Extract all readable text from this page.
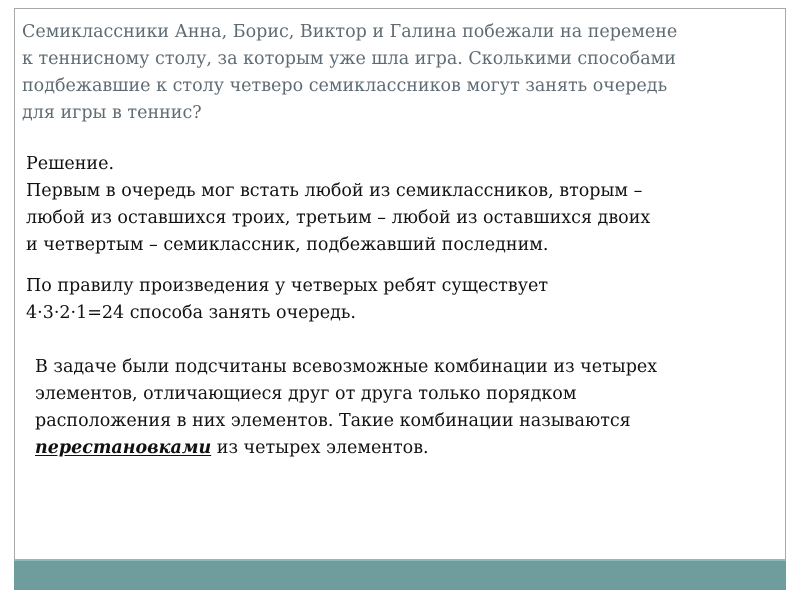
Семиклассники Анна, Борис, Виктор и Галина побежали на перемене
к теннисному столу, за которым уже шла игра. Сколькими способами
подбежавшие к столу четверо семиклассников могут занять очередь
для игры в теннис?
Решение.
Первым в очередь мог встать любой из семиклассников, вторым –
любой из оставшихся троих, третьим – любой из оставшихся двоих
и четвертым – семиклассник, подбежавший последним.
По правилу произведения у четверых ребят существует
4·3·2·1=24 способа занять очередь.
В задаче были подсчитаны всевозможные комбинации из четырех
элементов, отличающиеся друг от друга только порядком
расположения в них элементов. Такие комбинации называются
перестановками из четырех элементов.
